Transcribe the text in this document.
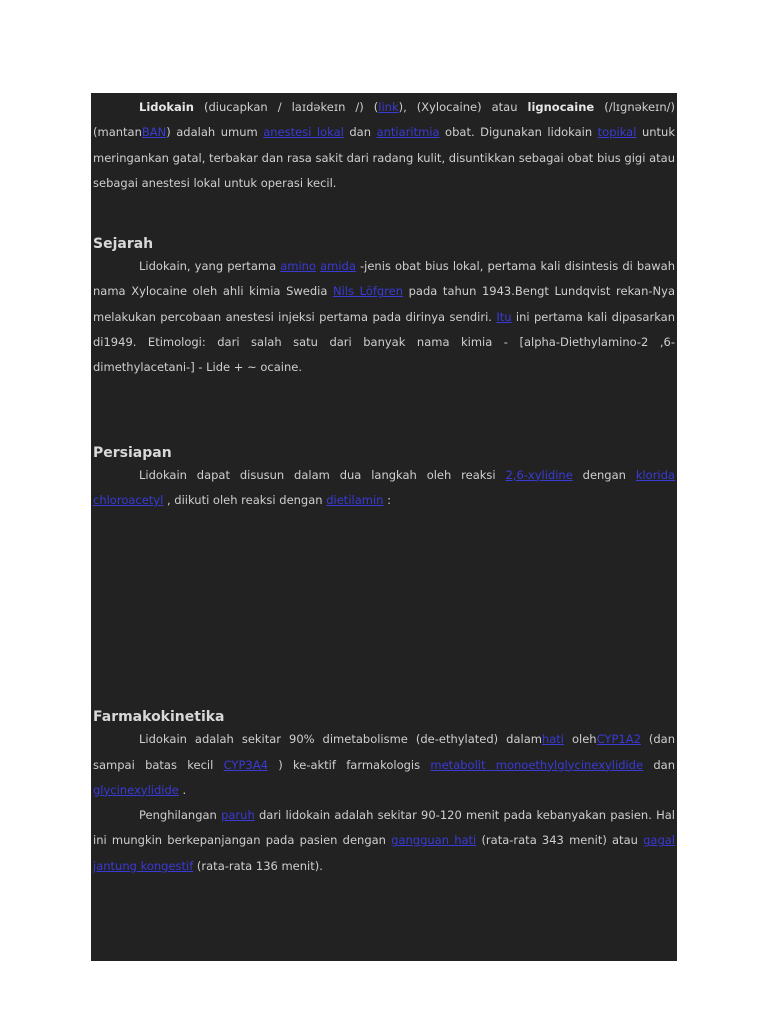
Lidokain (diucapkan / laɪdəkeɪn /) (link), (Xylocaine) atau lignocaine (/lɪɡnəkeɪn/) (mantanBAN) adalah umum anestesi lokal dan antiaritmia obat. Digunakan lidokain topikal untuk meringankan gatal, terbakar dan rasa sakit dari radang kulit, disuntikkan sebagai obat bius gigi atau sebagai anestesi lokal untuk operasi kecil.

Sejarah

Lidokain, yang pertama amino amida -jenis obat bius lokal, pertama kali disintesis di bawah nama Xylocaine oleh ahli kimia Swedia Nils Löfgren pada tahun 1943.Bengt Lundqvist rekan-Nya melakukan percobaan anestesi injeksi pertama pada dirinya sendiri. Itu ini pertama kali dipasarkan di1949. Etimologi: dari salah satu dari banyak nama kimia - [alpha-Diethylamino-2 ,6-dimethylacetani-] - Lide + ~ ocaine.

Persiapan

Lidokain dapat disusun dalam dua langkah oleh reaksi 2,6-xylidine dengan klorida chloroacetyl , diikuti oleh reaksi dengan dietilamin :

Farmakokinetika

Lidokain adalah sekitar 90% dimetabolisme (de-ethylated) dalamhati olehCYP1A2 (dan sampai batas kecil CYP3A4 ) ke-aktif farmakologis metabolit monoethylglycinexylidide dan glycinexylidide .

Penghilangan paruh dari lidokain adalah sekitar 90-120 menit pada kebanyakan pasien. Hal ini mungkin berkepanjangan pada pasien dengan gangguan hati (rata-rata 343 menit) atau gagal jantung kongestif (rata-rata 136 menit).
